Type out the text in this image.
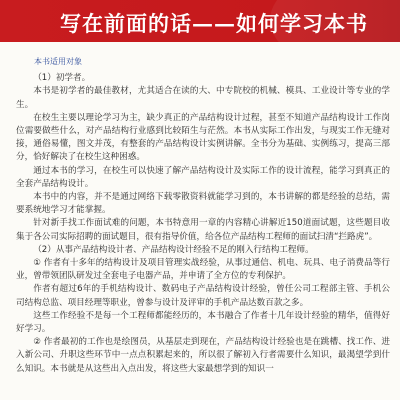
写在前面的话——如何学习本书
本书适用对象

（1）初学者。

本书是初学者的最佳教材，尤其适合在读的大、中专院校的机械、模具、工业设计等专业的学生。

在校生主要以理论学习为主，缺少真正的产品结构设计过程，甚至不知道产品结构设计工作岗位需要做些什么，对产品结构行业感到比较陌生与茫然。本书从实际工作出发，与现实工作无缝对接，通俗易懂，图文并茂，有整套的产品结构设计实例讲解。全书分为基础、实例练习，提高三部分，恰好解决了在校生这种困惑。

通过本书的学习，在校生可以快速了解产品结构设计及实际工作的设计流程，能学习到真正的全套产品结构设计。

本书中的内容，并不是通过网络下载零散资料就能学习到的，本书讲解的都是经验的总结，需要系统地学习才能掌握。

针对新手找工作面试难的问题，本书特意用一章的内容精心讲解近150道面试题，这些题目收集于各公司实际招聘的面试题目，很有指导价值，给各位产品结构工程师的面试扫清“拦路虎”。

（2）从事产品结构设计者、产品结构设计经验不足的刚入行结构工程师。

① 作者有十多年的结构设计及项目管理实战经验，从事过通信、机电、玩具、电子消费品等行业，曾带领团队研发过全套电子电器产品，并申请了全方位的专利保护。

作者有超过6年的手机结构设计、数码电子产品结构设计经验，曾任公司工程部主管、手机公司结构总监、项目经理等职业，曾参与设计及评审的手机产品达数百款之多。

这些工作经验不是每一个工程师都能经历的，本书融合了作者十几年设计经验的精华，值得好好学习。

② 作者最初的工作也是绘图员，从基层走到现在，产品结构设计经验也是在跳槽、找工作、进入新公司、升职这些环节中一点点积累起来的，所以很了解初入行者需要什么知识，最渴望学到什么知识。本书就是从这些出入点出发，将这些大家最想学到的知识一
